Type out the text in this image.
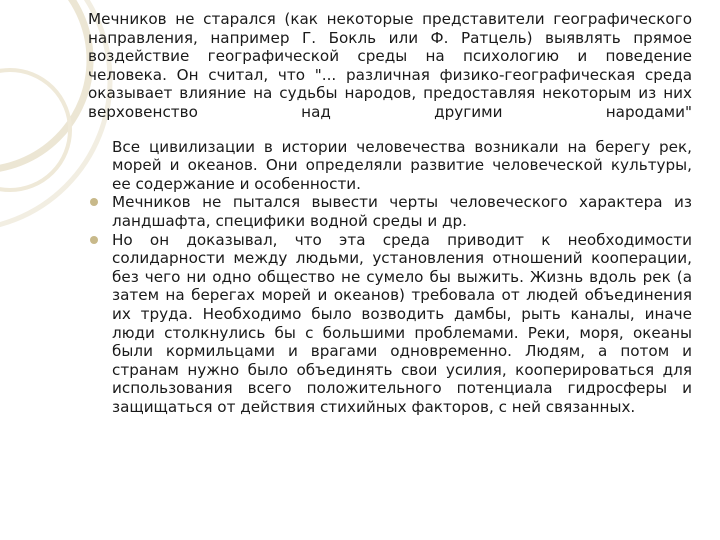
Мечников не старался (как некоторые представители географического направления, например Г. Бокль или Ф. Ратцель) выявлять прямое воздействие географической среды на психологию и поведение человека. Он считал, что "... различная физико-географическая среда оказывает влияние на судьбы народов, предоставляя некоторым из них верховенство над другими народами"

Все цивилизации в истории человечества возникали на берегу рек, морей и океанов. Они определяли развитие человеческой культуры, ее содержание и особенности.

Мечников не пытался вывести черты человеческого характера из ландшафта, специфики водной среды и др.
Но он доказывал, что эта среда приводит к необходимости солидарности между людьми, установления отношений кооперации, без чего ни одно общество не сумело бы выжить. Жизнь вдоль рек (а затем на берегах морей и океанов) требовала от людей объединения их труда. Необходимо было возводить дамбы, рыть каналы, иначе люди столкнулись бы с большими проблемами. Реки, моря, океаны были кормильцами и врагами одновременно. Людям, а потом и странам нужно было объединять свои усилия, кооперироваться для использования всего положительного потенциала гидросферы и защищаться от действия стихийных факторов, с ней связанных.
